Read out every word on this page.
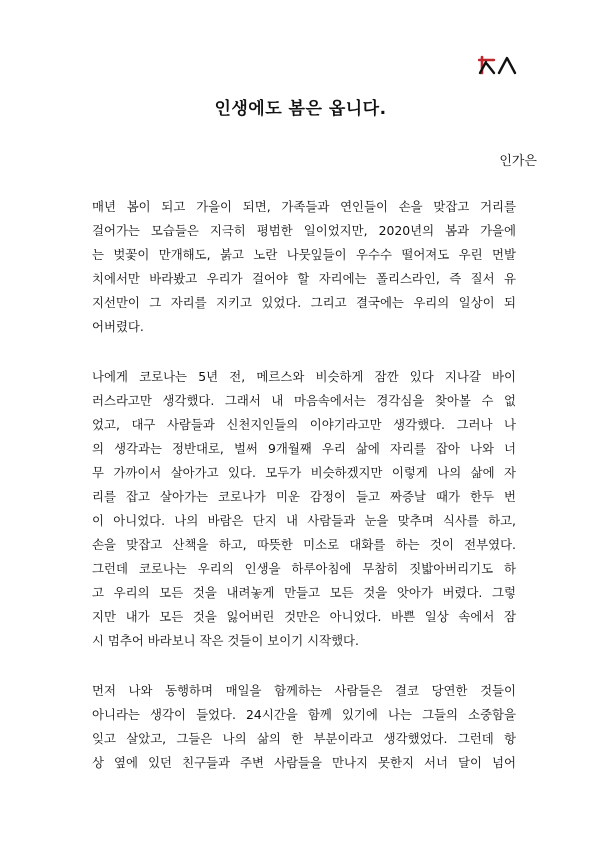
인생에도 봄은 옵니다.
인가은
매년 봄이 되고 가을이 되면, 가족들과 연인들이 손을 맞잡고 거리를
걸어가는 모습들은 지극히 평범한 일이었지만, 2020년의 봄과 가을에
는 벚꽃이 만개해도, 붉고 노란 나뭇잎들이 우수수 떨어져도 우린 먼발
치에서만 바라봤고 우리가 걸어야 할 자리에는 폴리스라인, 즉 질서 유
지선만이 그 자리를 지키고 있었다. 그리고 결국에는 우리의 일상이 되
어버렸다.
나에게 코로나는 5년 전, 메르스와 비슷하게 잠깐 있다 지나갈 바이
러스라고만 생각했다. 그래서 내 마음속에서는 경각심을 찾아볼 수 없
었고, 대구 사람들과 신천지인들의 이야기라고만 생각했다. 그러나 나
의 생각과는 정반대로, 벌써 9개월째 우리 삶에 자리를 잡아 나와 너
무 가까이서 살아가고 있다. 모두가 비슷하겠지만 이렇게 나의 삶에 자
리를 잡고 살아가는 코로나가 미운 감정이 들고 짜증날 때가 한두 번
이 아니었다. 나의 바람은 단지 내 사람들과 눈을 맞추며 식사를 하고,
손을 맞잡고 산책을 하고, 따뜻한 미소로 대화를 하는 것이 전부였다.
그런데 코로나는 우리의 인생을 하루아침에 무참히 짓밟아버리기도 하
고 우리의 모든 것을 내려놓게 만들고 모든 것을 앗아가 버렸다. 그렇
지만 내가 모든 것을 잃어버린 것만은 아니었다. 바쁜 일상 속에서 잠
시 멈추어 바라보니 작은 것들이 보이기 시작했다.
먼저 나와 동행하며 매일을 함께하는 사람들은 결코 당연한 것들이
아니라는 생각이 들었다. 24시간을 함께 있기에 나는 그들의 소중함을
잊고 살았고, 그들은 나의 삶의 한 부분이라고 생각했었다. 그런데 항
상 옆에 있던 친구들과 주변 사람들을 만나지 못한지 서너 달이 넘어
